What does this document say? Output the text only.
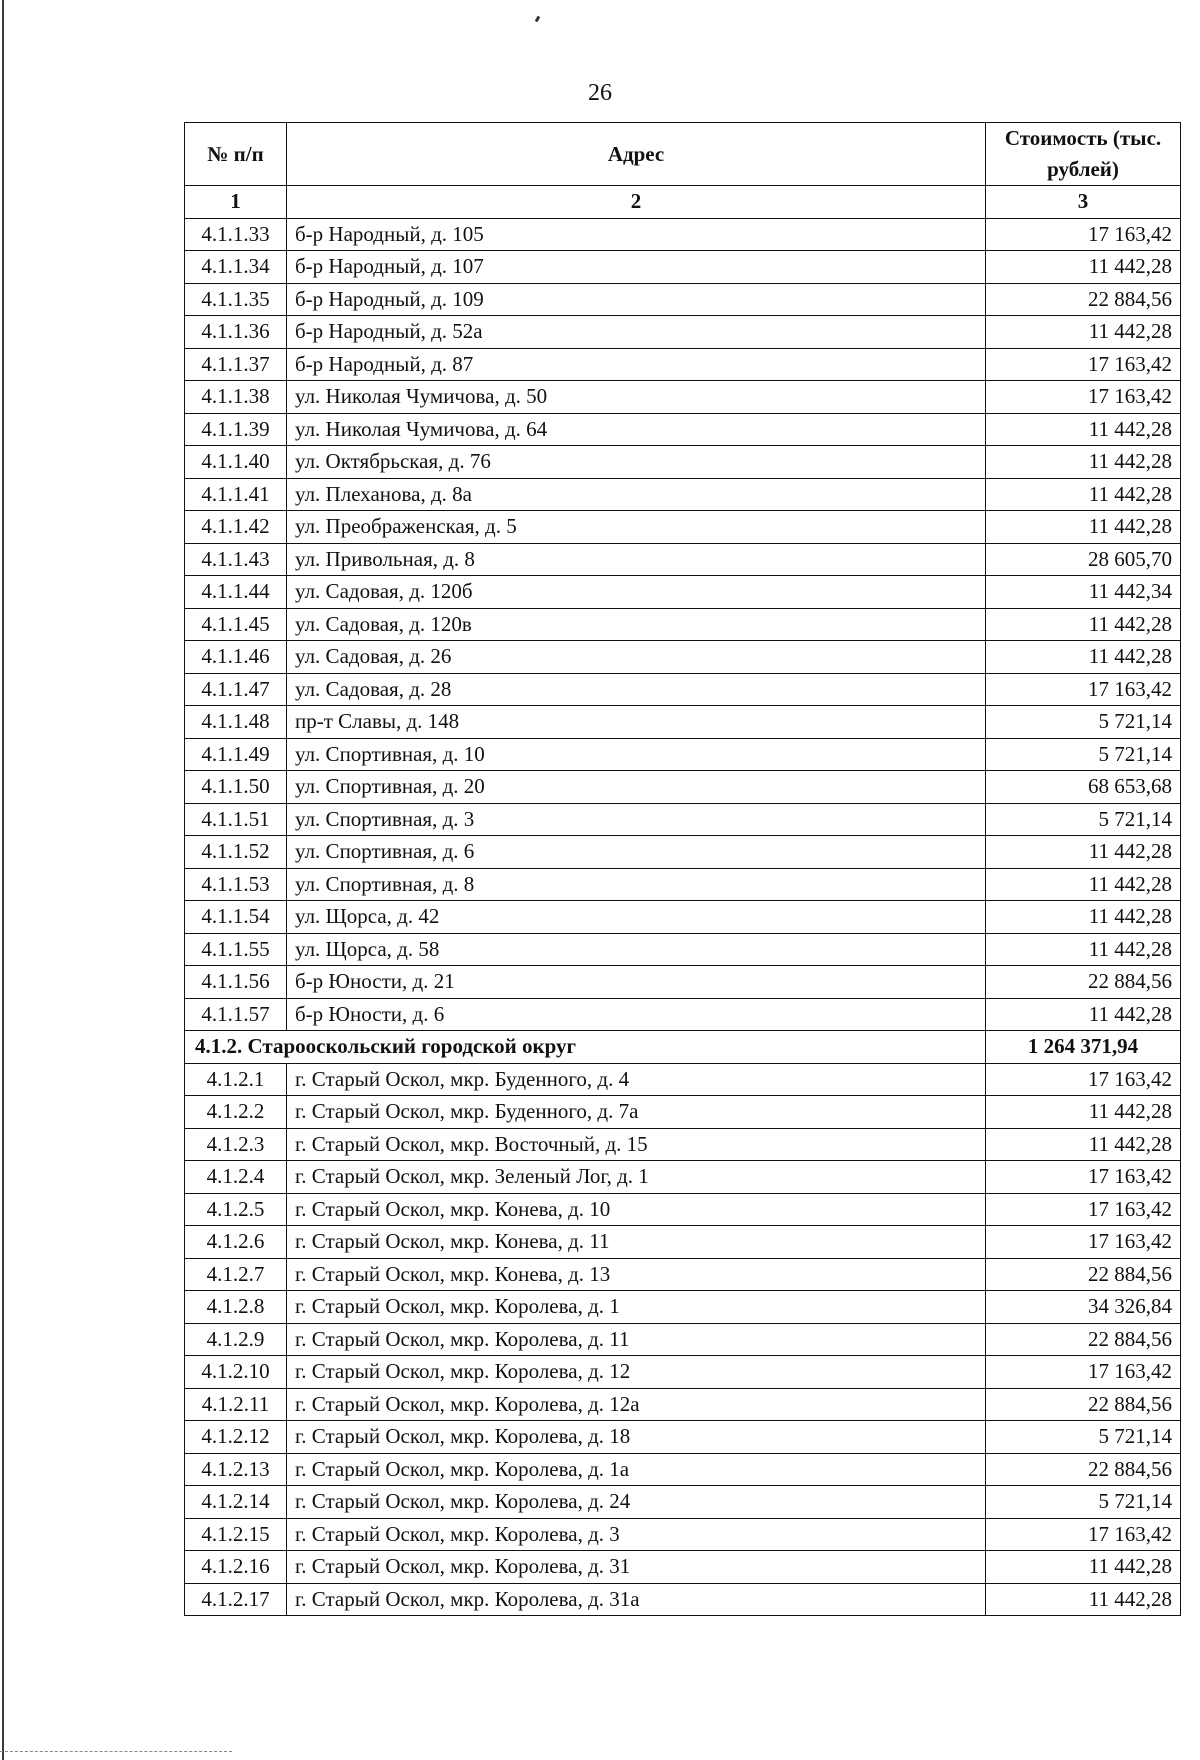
26
№ п/п	Адрес	Стоимость (тыс. рублей)
1	2	3
4.1.1.33	б-р Народный, д. 105	17 163,42
4.1.1.34	б-р Народный, д. 107	11 442,28
4.1.1.35	б-р Народный, д. 109	22 884,56
4.1.1.36	б-р Народный, д. 52а	11 442,28
4.1.1.37	б-р Народный, д. 87	17 163,42
4.1.1.38	ул. Николая Чумичова, д. 50	17 163,42
4.1.1.39	ул. Николая Чумичова, д. 64	11 442,28
4.1.1.40	ул. Октябрьская, д. 76	11 442,28
4.1.1.41	ул. Плеханова, д. 8а	11 442,28
4.1.1.42	ул. Преображенская, д. 5	11 442,28
4.1.1.43	ул. Привольная, д. 8	28 605,70
4.1.1.44	ул. Садовая, д. 120б	11 442,34
4.1.1.45	ул. Садовая, д. 120в	11 442,28
4.1.1.46	ул. Садовая, д. 26	11 442,28
4.1.1.47	ул. Садовая, д. 28	17 163,42
4.1.1.48	пр-т Славы, д. 148	5 721,14
4.1.1.49	ул. Спортивная, д. 10	5 721,14
4.1.1.50	ул. Спортивная, д. 20	68 653,68
4.1.1.51	ул. Спортивная, д. 3	5 721,14
4.1.1.52	ул. Спортивная, д. 6	11 442,28
4.1.1.53	ул. Спортивная, д. 8	11 442,28
4.1.1.54	ул. Щорса, д. 42	11 442,28
4.1.1.55	ул. Щорса, д. 58	11 442,28
4.1.1.56	б-р Юности, д. 21	22 884,56
4.1.1.57	б-р Юности, д. 6	11 442,28
4.1.2. Старооскольский городской округ		1 264 371,94
4.1.2.1	г. Старый Оскол, мкр. Буденного, д. 4	17 163,42
4.1.2.2	г. Старый Оскол, мкр. Буденного, д. 7а	11 442,28
4.1.2.3	г. Старый Оскол, мкр. Восточный, д. 15	11 442,28
4.1.2.4	г. Старый Оскол, мкр. Зеленый Лог, д. 1	17 163,42
4.1.2.5	г. Старый Оскол, мкр. Конева, д. 10	17 163,42
4.1.2.6	г. Старый Оскол, мкр. Конева, д. 11	17 163,42
4.1.2.7	г. Старый Оскол, мкр. Конева, д. 13	22 884,56
4.1.2.8	г. Старый Оскол, мкр. Королева, д. 1	34 326,84
4.1.2.9	г. Старый Оскол, мкр. Королева, д. 11	22 884,56
4.1.2.10	г. Старый Оскол, мкр. Королева, д. 12	17 163,42
4.1.2.11	г. Старый Оскол, мкр. Королева, д. 12а	22 884,56
4.1.2.12	г. Старый Оскол, мкр. Королева, д. 18	5 721,14
4.1.2.13	г. Старый Оскол, мкр. Королева, д. 1а	22 884,56
4.1.2.14	г. Старый Оскол, мкр. Королева, д. 24	5 721,14
4.1.2.15	г. Старый Оскол, мкр. Королева, д. 3	17 163,42
4.1.2.16	г. Старый Оскол, мкр. Королева, д. 31	11 442,28
4.1.2.17	г. Старый Оскол, мкр. Королева, д. 31а	11 442,28
